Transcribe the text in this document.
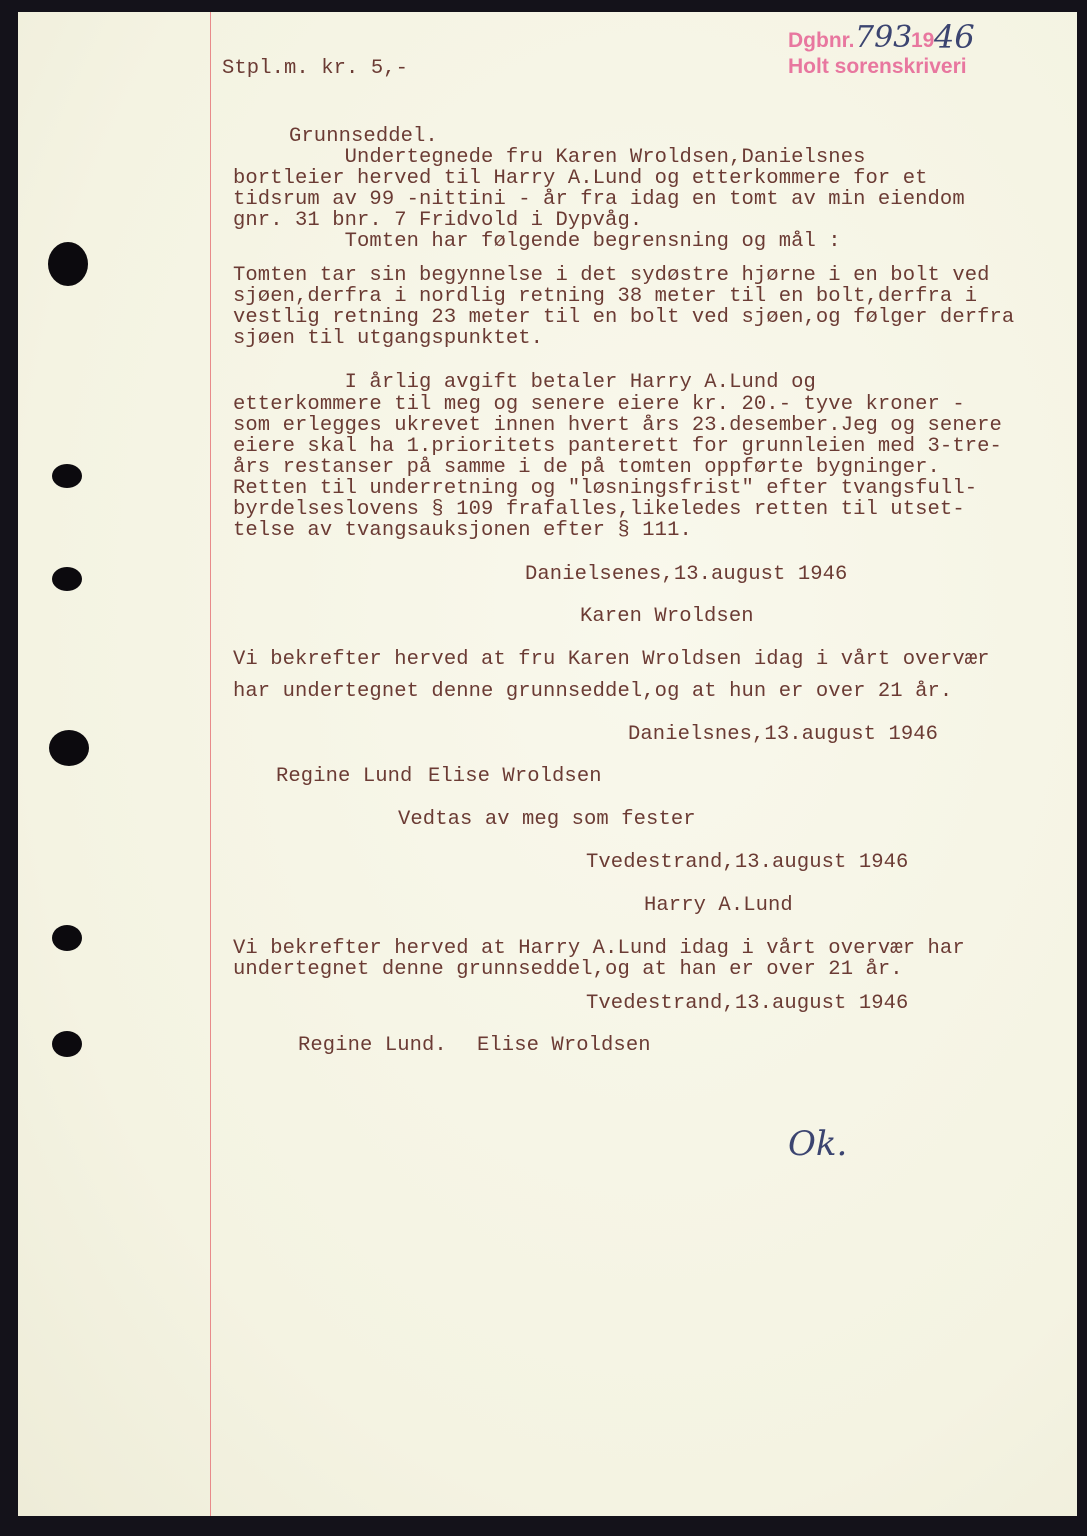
Stpl.m. kr. 5,-
Dgbnr. 793
19 46
Holt sorenskriveri
Grunnseddel.
Undertegnede fru Karen Wroldsen,Danielsnes
bortleier herved til Harry A.Lund og etterkommere for et
tidsrum av 99 -nittini - år fra idag en tomt av min eiendom
gnr. 31 bnr. 7 Fridvold i Dypvåg.
Tomten har følgende begrensning og mål :
Tomten tar sin begynnelse i det sydøstre hjørne i en bolt ved
sjøen,derfra i nordlig retning 38 meter til en bolt,derfra i
vestlig retning 23 meter til en bolt ved sjøen,og følger derfra
sjøen til utgangspunktet.
I årlig avgift betaler Harry A.Lund og
etterkommere til meg og senere eiere kr. 20.- tyve kroner -
som erlegges ukrevet innen hvert års 23.desember.Jeg og senere
eiere skal ha 1.prioritets panterett for grunnleien med 3-tre-
års restanser på samme i de på tomten oppførte bygninger.
Retten til underretning og "løsningsfrist" efter tvangsfull-
byrdelseslovens § 109 frafalles,likeledes retten til utset-
telse av tvangsauksjonen efter § 111.
Danielsenes,13.august 1946
Karen Wroldsen
Vi bekrefter herved at fru Karen Wroldsen idag i vårt overvær
har undertegnet denne grunnseddel,og at hun er over 21 år.
Danielsnes,13.august 1946
Regine Lund Elise Wroldsen
Vedtas av meg som fester
Tvedestrand,13.august 1946
Harry A.Lund
Vi bekrefter herved at Harry A.Lund idag i vårt overvær har
undertegnet denne grunnseddel,og at han er over 21 år.
Tvedestrand,13.august 1946
Regine Lund. Elise Wroldsen
Ok.
